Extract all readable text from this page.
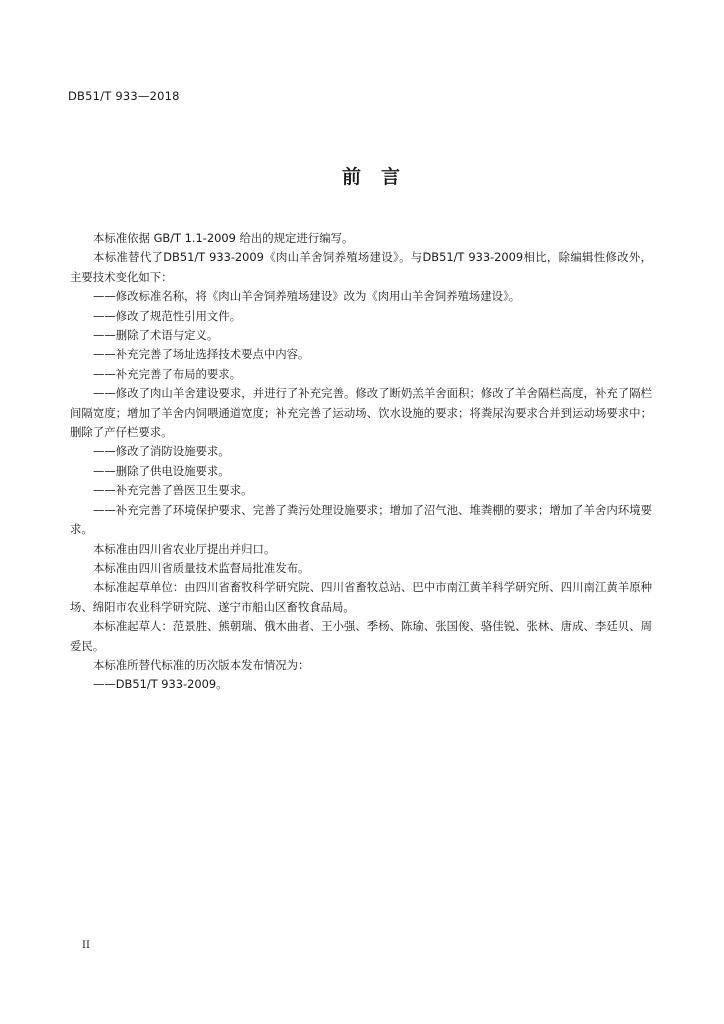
DB51/T 933—2018
前言

本标准依据 GB/T 1.1-2009 给出的规定进行编写。

本标准替代了DB51/T 933-2009《肉山羊舍饲养殖场建设》。与DB51/T 933-2009相比，除编辑性修改外，主要技术变化如下：

——修改标准名称，将《肉山羊舍饲养殖场建设》改为《肉用山羊舍饲养殖场建设》。

——修改了规范性引用文件。

——删除了术语与定义。

——补充完善了场址选择技术要点中内容。

——补充完善了布局的要求。

——修改了肉山羊舍建设要求，并进行了补充完善。修改了断奶羔羊舍面积；修改了羊舍隔栏高度，补充了隔栏间隔宽度；增加了羊舍内饲喂通道宽度；补充完善了运动场、饮水设施的要求；将粪尿沟要求合并到运动场要求中；删除了产仔栏要求。

——修改了消防设施要求。

——删除了供电设施要求。

——补充完善了兽医卫生要求。

——补充完善了环境保护要求、完善了粪污处理设施要求；增加了沼气池、堆粪棚的要求；增加了羊舍内环境要求。

本标准由四川省农业厅提出并归口。

本标准由四川省质量技术监督局批准发布。

本标准起草单位：由四川省畜牧科学研究院、四川省畜牧总站、巴中市南江黄羊科学研究所、四川南江黄羊原种场、绵阳市农业科学研究院、遂宁市船山区畜牧食品局。

本标准起草人：范景胜、熊朝瑞、俄木曲者、王小强、季杨、陈瑜、张国俊、骆佳锐、张林、唐成、李廷贝、周爱民。

本标准所替代标准的历次版本发布情况为：

——DB51/T 933-2009。

II
